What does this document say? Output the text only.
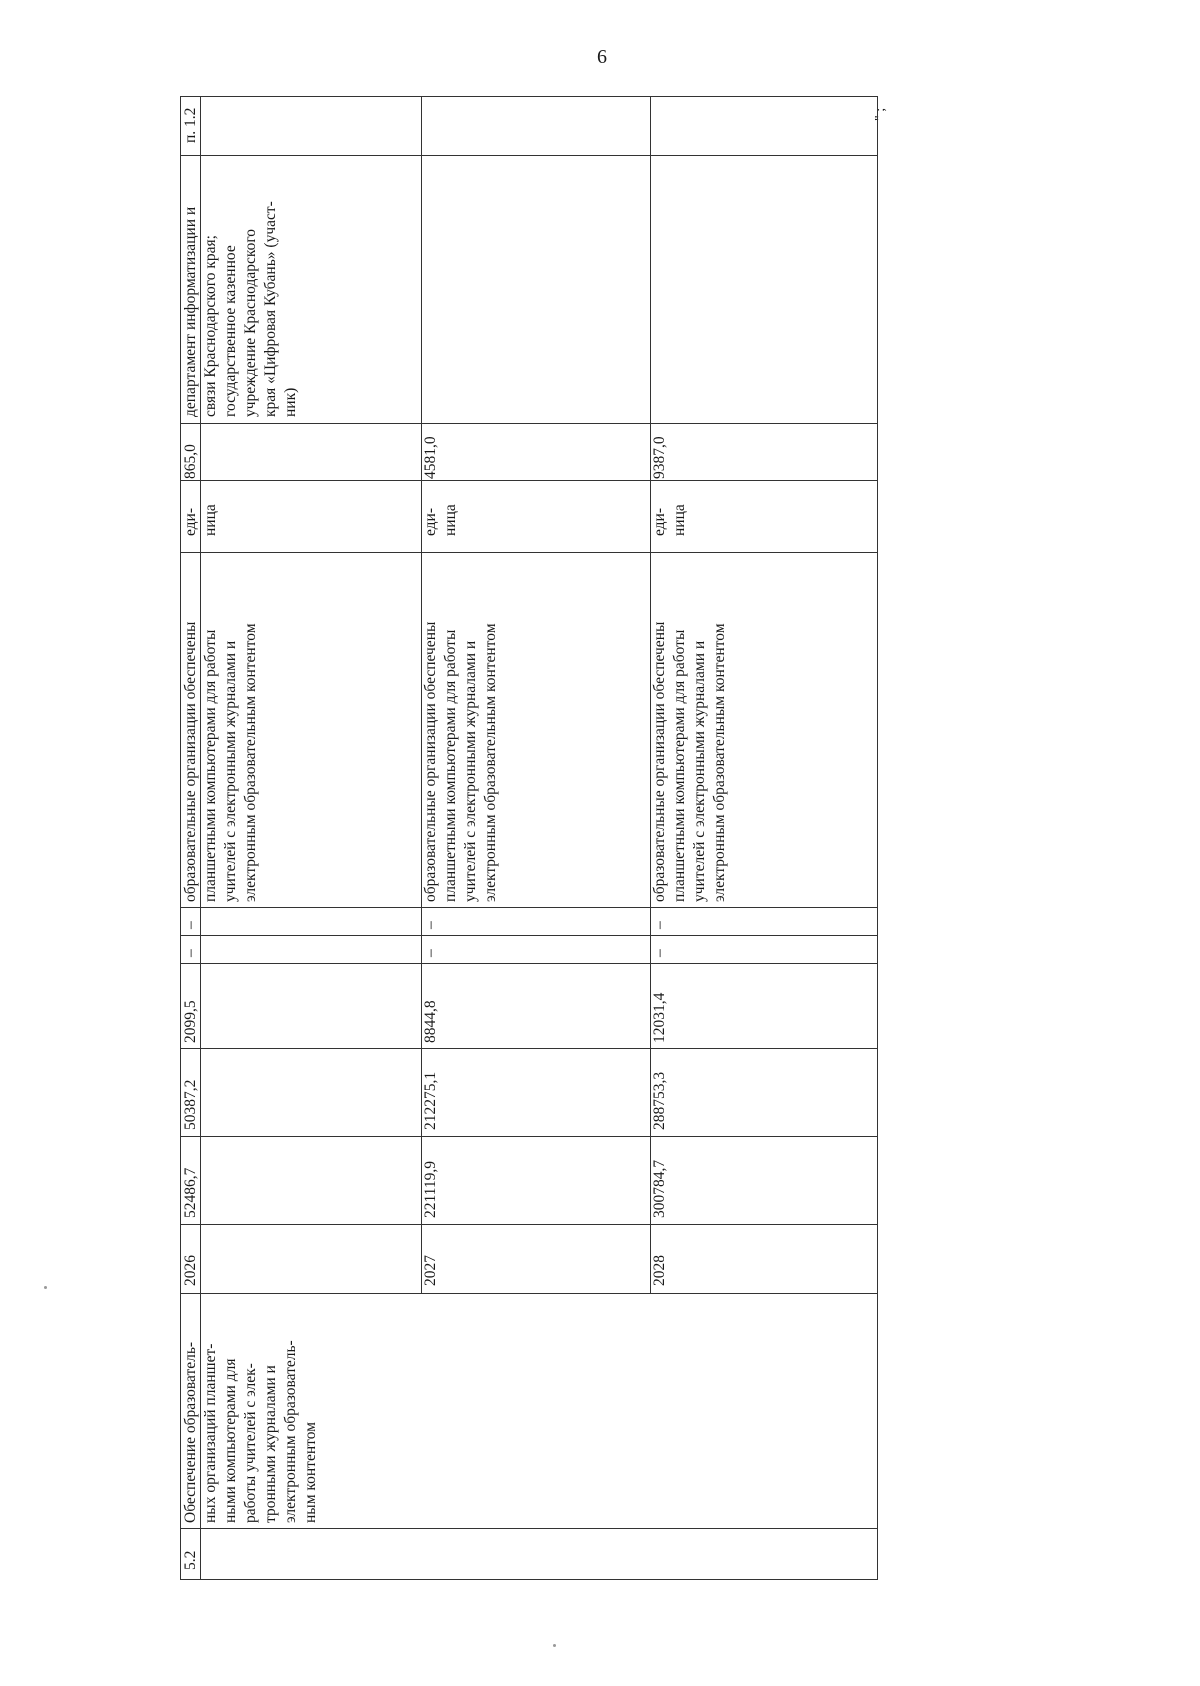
6
" ;
п. 1.2
департамент информатизации и
связи Краснодарского края;
государственное казенное
учреждение Краснодарского
края «Цифровая Кубань» (участ-
ник)
5.2
Обеспечение образователь-
ных организаций планшет-
ными компьютерами для
работы учителей с элек-
тронными журналами и
электронным образователь-
ным контентом
865,0
еди-
ница
образовательные организации обеспечены
планшетными компьютерами для работы
учителей с электронными журналами и
электронным образовательным контентом
–
–
2099,5
50387,2
52486,7
2026
4581,0
еди-
ница
образовательные организации обеспечены
планшетными компьютерами для работы
учителей с электронными журналами и
электронным образовательным контентом
–
–
8844,8
212275,1
221119,9
2027
9387,0
еди-
ница
образовательные организации обеспечены
планшетными компьютерами для работы
учителей с электронными журналами и
электронным образовательным контентом
–
–
12031,4
288753,3
300784,7
2028
